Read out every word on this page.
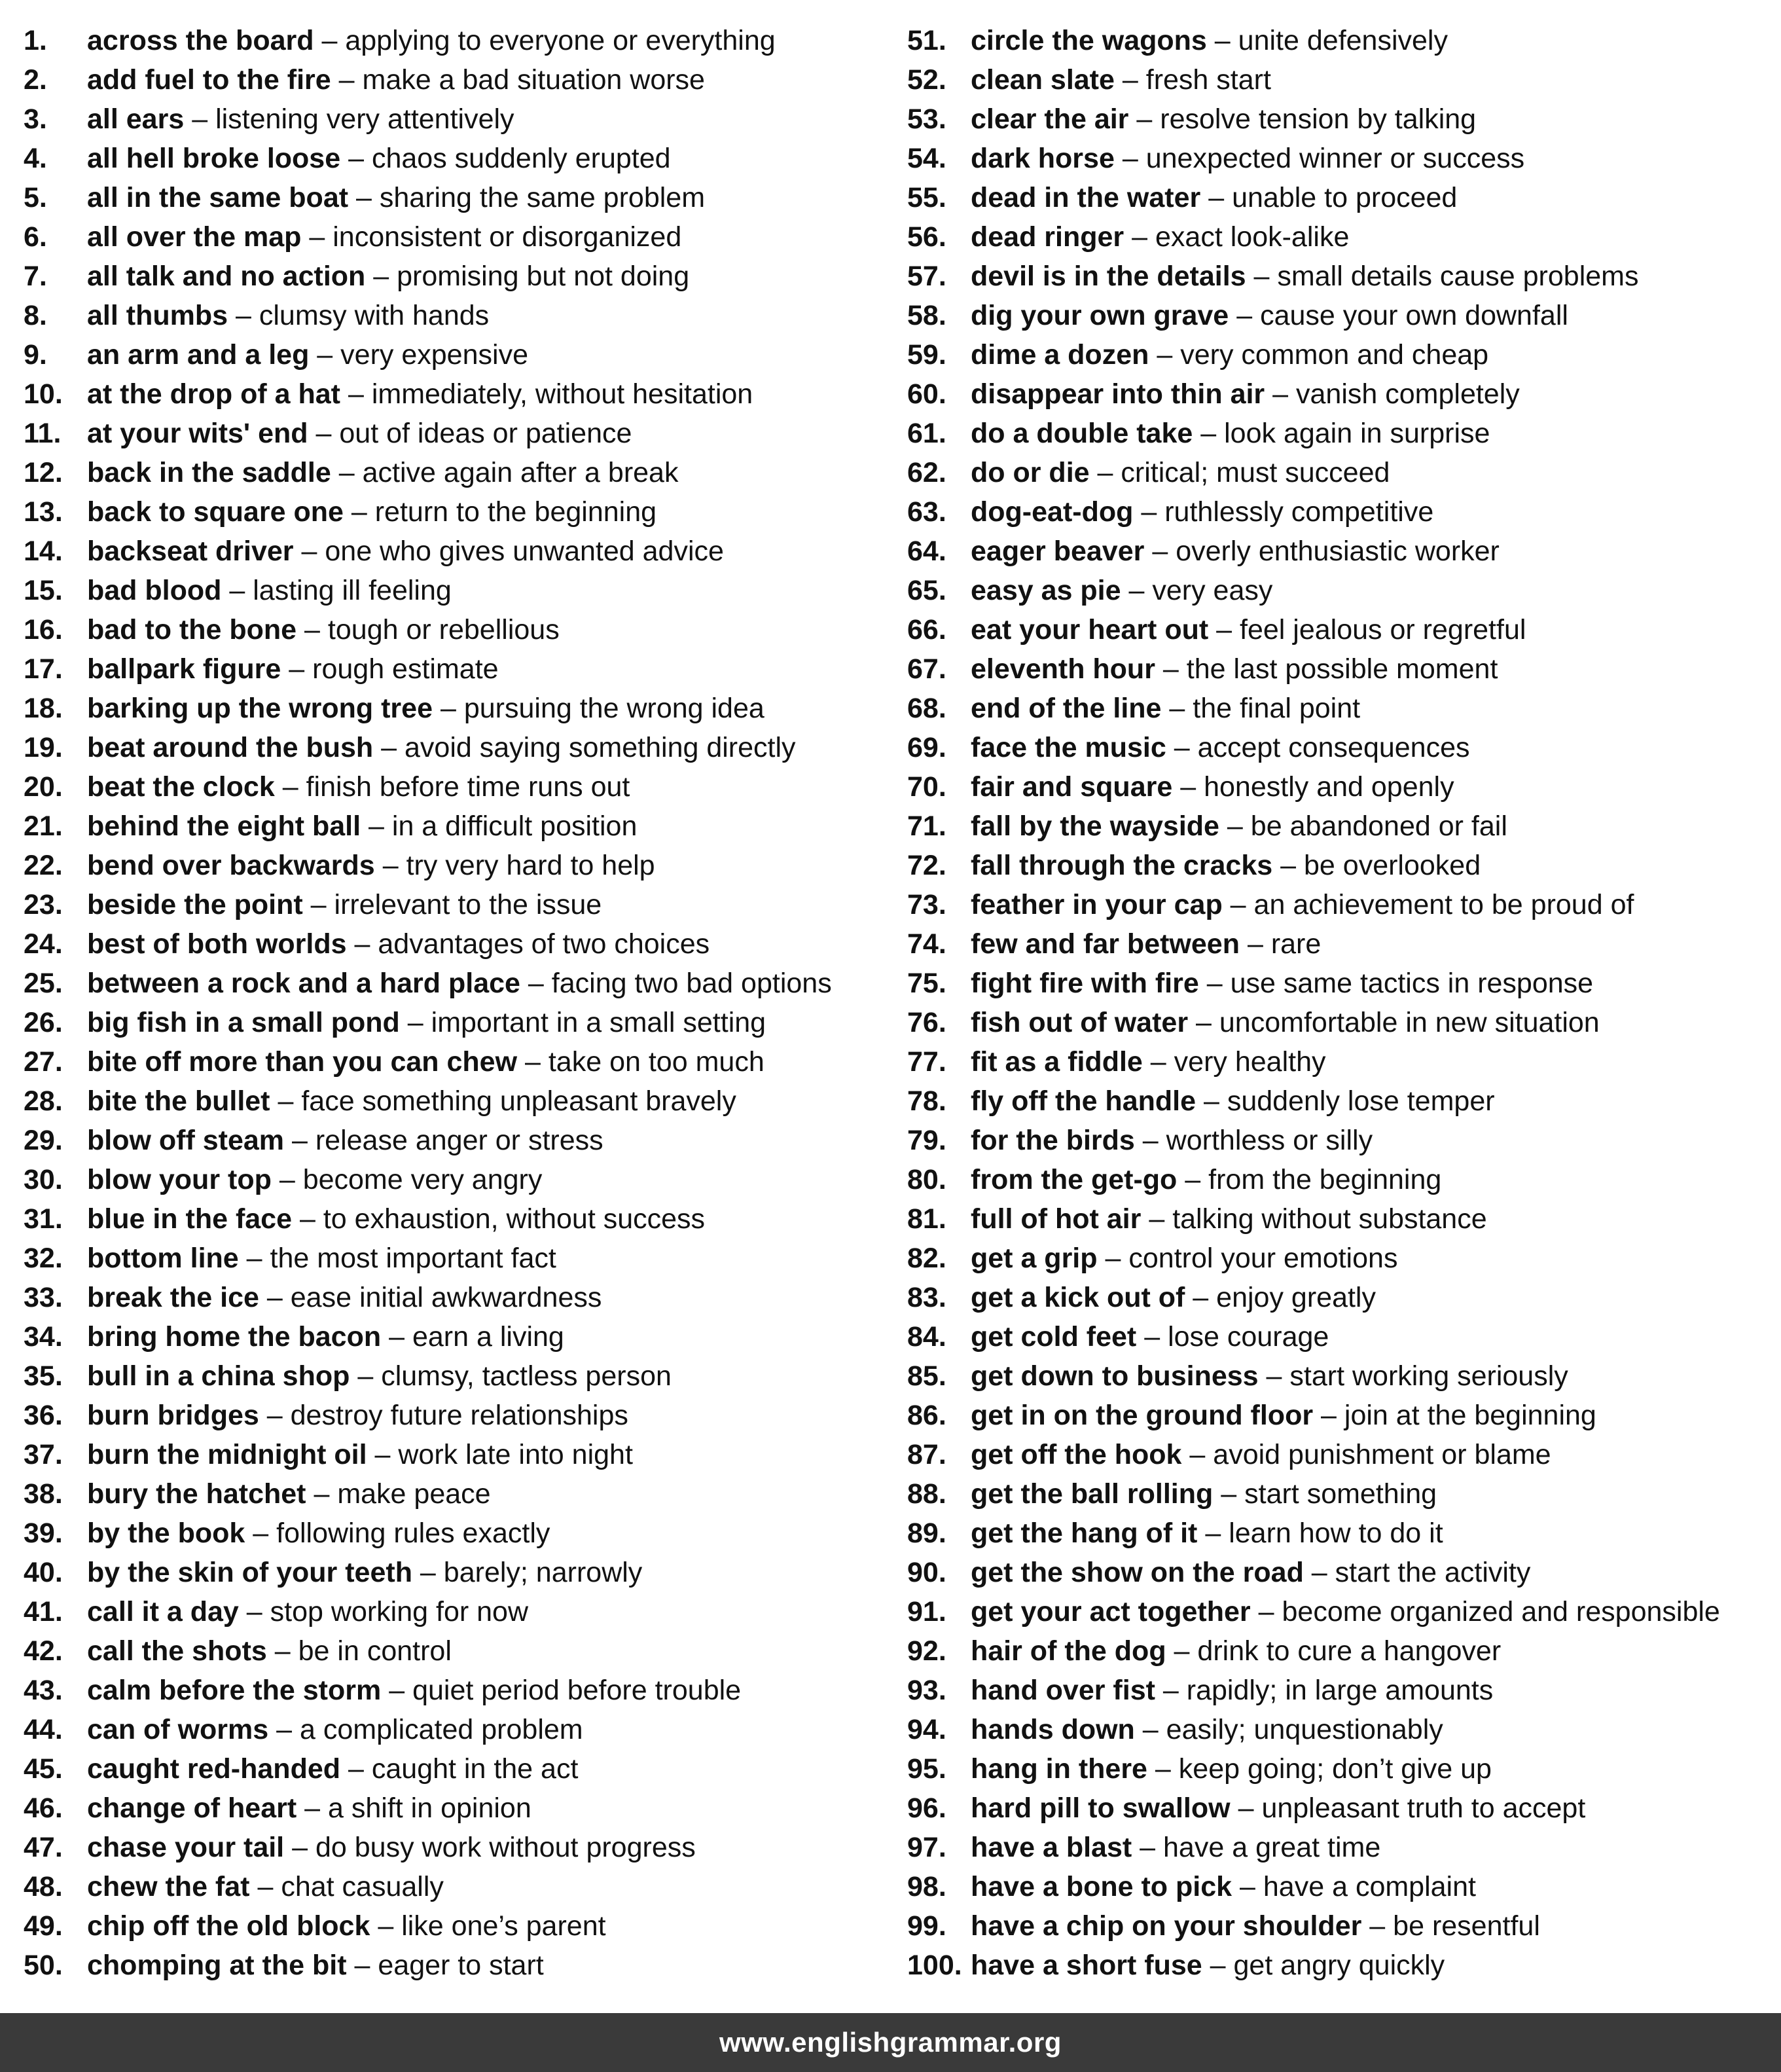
1.	across the board – applying to everyone or everything
2.	add fuel to the fire – make a bad situation worse
3.	all ears – listening very attentively
4.	all hell broke loose – chaos suddenly erupted
5.	all in the same boat – sharing the same problem
6.	all over the map – inconsistent or disorganized
7.	all talk and no action – promising but not doing
8.	all thumbs – clumsy with hands
9.	an arm and a leg – very expensive
10. at the drop of a hat – immediately, without hesitation
11. at your wits' end – out of ideas or patience
12. back in the saddle – active again after a break
13. back to square one – return to the beginning
14. backseat driver – one who gives unwanted advice
15. bad blood – lasting ill feeling
16. bad to the bone – tough or rebellious
17. ballpark figure – rough estimate
18. barking up the wrong tree – pursuing the wrong idea
19. beat around the bush – avoid saying something directly
20. beat the clock – finish before time runs out
21. behind the eight ball – in a difficult position
22. bend over backwards – try very hard to help
23. beside the point – irrelevant to the issue
24. best of both worlds – advantages of two choices
25. between a rock and a hard place – facing two bad options
26. big fish in a small pond – important in a small setting
27. bite off more than you can chew – take on too much
28. bite the bullet – face something unpleasant bravely
29. blow off steam – release anger or stress
30. blow your top – become very angry
31. blue in the face – to exhaustion, without success
32. bottom line – the most important fact
33. break the ice – ease initial awkwardness
34. bring home the bacon – earn a living
35. bull in a china shop – clumsy, tactless person
36. burn bridges – destroy future relationships
37. burn the midnight oil – work late into night
38. bury the hatchet – make peace
39. by the book – following rules exactly
40. by the skin of your teeth – barely; narrowly
41. call it a day – stop working for now
42. call the shots – be in control
43. calm before the storm – quiet period before trouble
44. can of worms – a complicated problem
45. caught red-handed – caught in the act
46. change of heart – a shift in opinion
47. chase your tail – do busy work without progress
48. chew the fat – chat casually
49. chip off the old block – like one’s parent
50. chomping at the bit – eager to start
51. circle the wagons – unite defensively
52. clean slate – fresh start
53. clear the air – resolve tension by talking
54. dark horse – unexpected winner or success
55. dead in the water – unable to proceed
56. dead ringer – exact look-alike
57. devil is in the details – small details cause problems
58. dig your own grave – cause your own downfall
59. dime a dozen – very common and cheap
60. disappear into thin air – vanish completely
61. do a double take – look again in surprise
62. do or die – critical; must succeed
63. dog-eat-dog – ruthlessly competitive
64. eager beaver – overly enthusiastic worker
65. easy as pie – very easy
66. eat your heart out – feel jealous or regretful
67. eleventh hour – the last possible moment
68. end of the line – the final point
69. face the music – accept consequences
70. fair and square – honestly and openly
71. fall by the wayside – be abandoned or fail
72. fall through the cracks – be overlooked
73. feather in your cap – an achievement to be proud of
74. few and far between – rare
75. fight fire with fire – use same tactics in response
76. fish out of water – uncomfortable in new situation
77. fit as a fiddle – very healthy
78. fly off the handle – suddenly lose temper
79. for the birds – worthless or silly
80. from the get-go – from the beginning
81. full of hot air – talking without substance
82. get a grip – control your emotions
83. get a kick out of – enjoy greatly
84. get cold feet – lose courage
85. get down to business – start working seriously
86. get in on the ground floor – join at the beginning
87. get off the hook – avoid punishment or blame
88. get the ball rolling – start something
89. get the hang of it – learn how to do it
90. get the show on the road – start the activity
91. get your act together – become organized and responsible
92. hair of the dog – drink to cure a hangover
93. hand over fist – rapidly; in large amounts
94. hands down – easily; unquestionably
95. hang in there – keep going; don’t give up
96. hard pill to swallow – unpleasant truth to accept
97. have a blast – have a great time
98. have a bone to pick – have a complaint
99. have a chip on your shoulder – be resentful
100. have a short fuse – get angry quickly
www.englishgrammar.org
